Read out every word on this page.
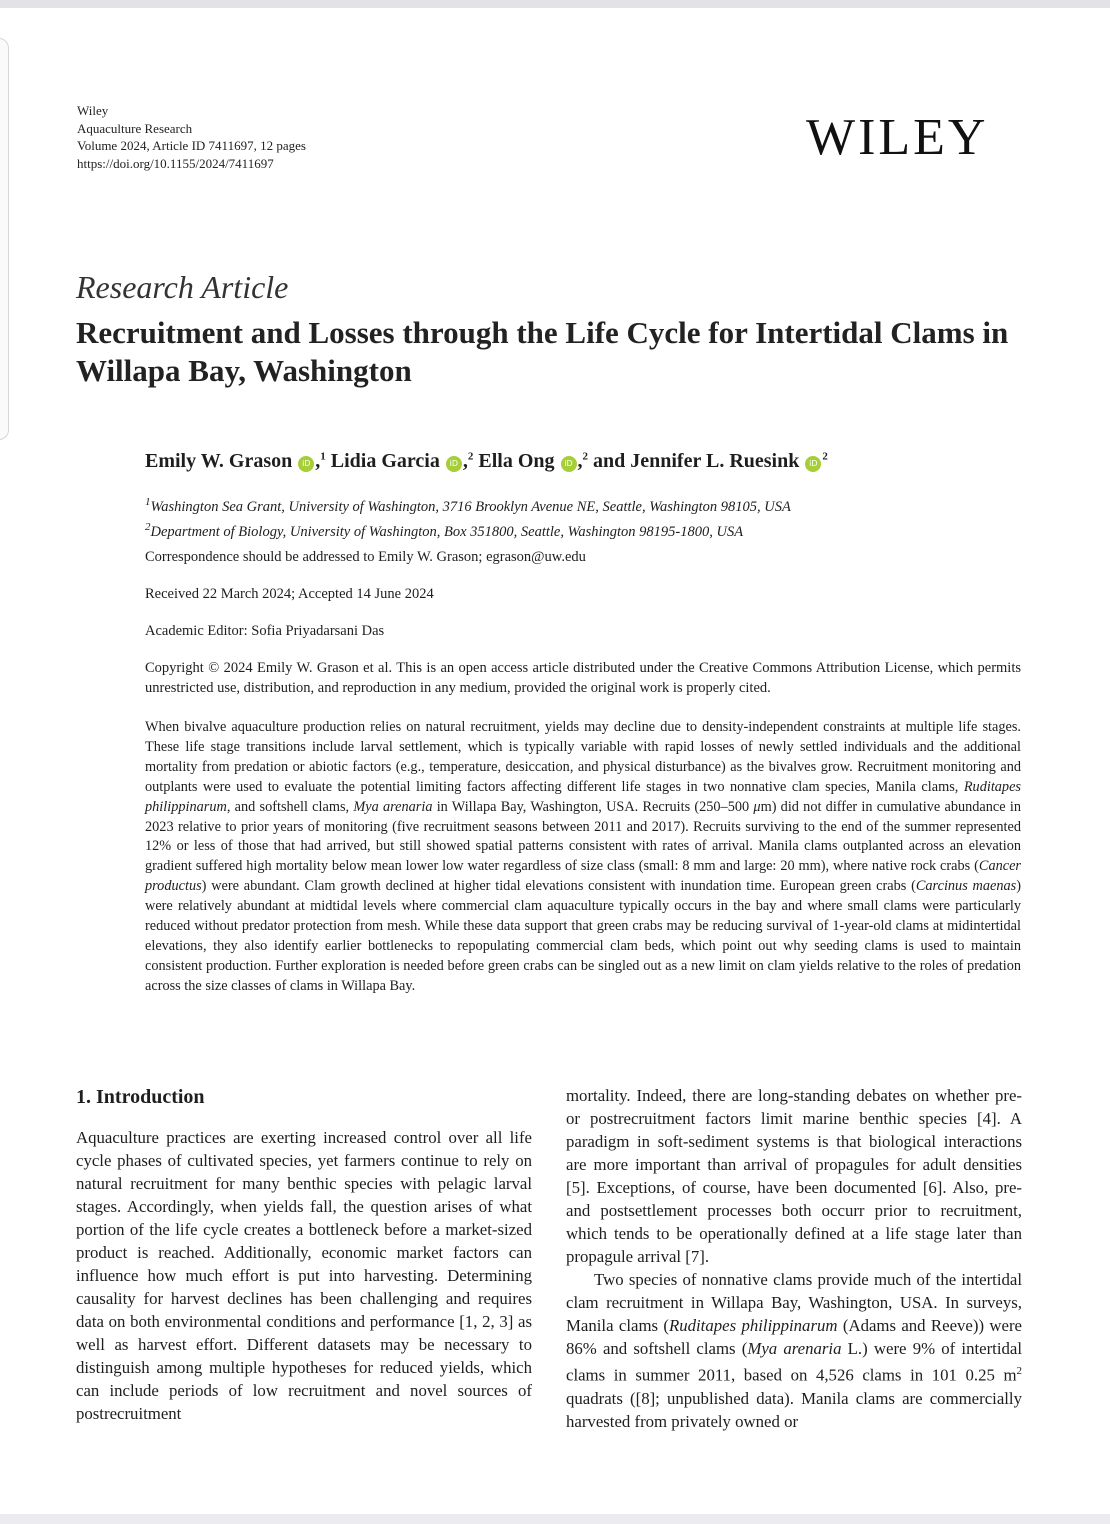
Wiley
Aquaculture Research
Volume 2024, Article ID 7411697, 12 pages
https://doi.org/10.1155/2024/7411697	WILEY
Research Article
Recruitment and Losses through the Life Cycle for Intertidal Clams in Willapa Bay, Washington
Emily W. Grason iD ,$^1$ Lidia Garcia iD ,$^2$ Ella Ong iD ,$^2$ and Jennifer L. Ruesink $iD^2$
$^1$Washington Sea Grant, University of Washington, 3716 Brooklyn Avenue NE, Seattle, Washington 98105, USA
$^2$Department of Biology, University of Washington, Box 351800, Seattle, Washington 98195-1800, USA
Correspondence should be addressed to Emily W. Grason; egrason@uw.edu
Received 22 March 2024; Accepted 14 June 2024
Academic Editor: Sofia Priyadarsani Das
Copyright © 2024 Emily W. Grason et al. This is an open access article distributed under the Creative Commons Attribution License, which permits unrestricted use, distribution, and reproduction in any medium, provided the original work is properly cited.
When bivalve aquaculture production relies on natural recruitment, yields may decline due to density-independent constraints at multiple life stages. These life stage transitions include larval settlement, which is typically variable with rapid losses of newly settled individuals and the additional mortality from predation or abiotic factors (e.g., temperature, desiccation, and physical disturbance) as the bivalves grow. Recruitment monitoring and outplants were used to evaluate the potential limiting factors affecting different life stages in two nonnative clam species, Manila clams, Ruditapes philippinarum, and softshell clams, Mya arenaria in Willapa Bay, Washington, USA. Recruits (250–500 μm) did not differ in cumulative abundance in 2023 relative to prior years of monitoring (five recruitment seasons between 2011 and 2017). Recruits surviving to the end of the summer represented 12% or less of those that had arrived, but still showed spatial patterns consistent with rates of arrival. Manila clams outplanted across an elevation gradient suffered high mortality below mean lower low water regardless of size class (small: 8 mm and large: 20 mm), where native rock crabs (Cancer productus) were abundant. Clam growth declined at higher tidal elevations consistent with inundation time. European green crabs (Carcinus maenas) were relatively abundant at midtidal levels where commercial clam aquaculture typically occurs in the bay and where small clams were particularly reduced without predator protection from mesh. While these data support that green crabs may be reducing survival of 1-year-old clams at midintertidal elevations, they also identify earlier bottlenecks to repopulating commercial clam beds, which point out why seeding clams is used to maintain consistent production. Further exploration is needed before green crabs can be singled out as a new limit on clam yields relative to the roles of predation across the size classes of clams in Willapa Bay.
1. Introduction

Aquaculture practices are exerting increased control over all life cycle phases of cultivated species, yet farmers continue to rely on natural recruitment for many benthic species with pelagic larval stages. Accordingly, when yields fall, the question arises of what portion of the life cycle creates a bottleneck before a market-sized product is reached. Additionally, economic market factors can influence how much effort is put into harvesting. Determining causality for harvest declines has been challenging and requires data on both environmental conditions and performance [1, 2, 3] as well as harvest effort. Different datasets may be necessary to distinguish among multiple hypotheses for reduced yields, which can include periods of low recruitment and novel sources of postrecruitment

mortality. Indeed, there are long-standing debates on whether pre- or postrecruitment factors limit marine benthic species [4]. A paradigm in soft-sediment systems is that biological interactions are more important than arrival of propagules for adult densities [5]. Exceptions, of course, have been documented [6]. Also, pre-and postsettlement processes both occurr prior to recruitment, which tends to be operationally defined at a life stage later than propagule arrival [7].

Two species of nonnative clams provide much of the intertidal clam recruitment in Willapa Bay, Washington, USA. In surveys, Manila clams (Ruditapes philippinarum (Adams and Reeve)) were 86% and softshell clams (Mya arenaria L.) were 9% of intertidal clams in summer 2011, based on 4,526 clams in 101 0.25 $m^2$ quadrats ([8]; unpublished data). Manila clams are commercially harvested from privately owned or
